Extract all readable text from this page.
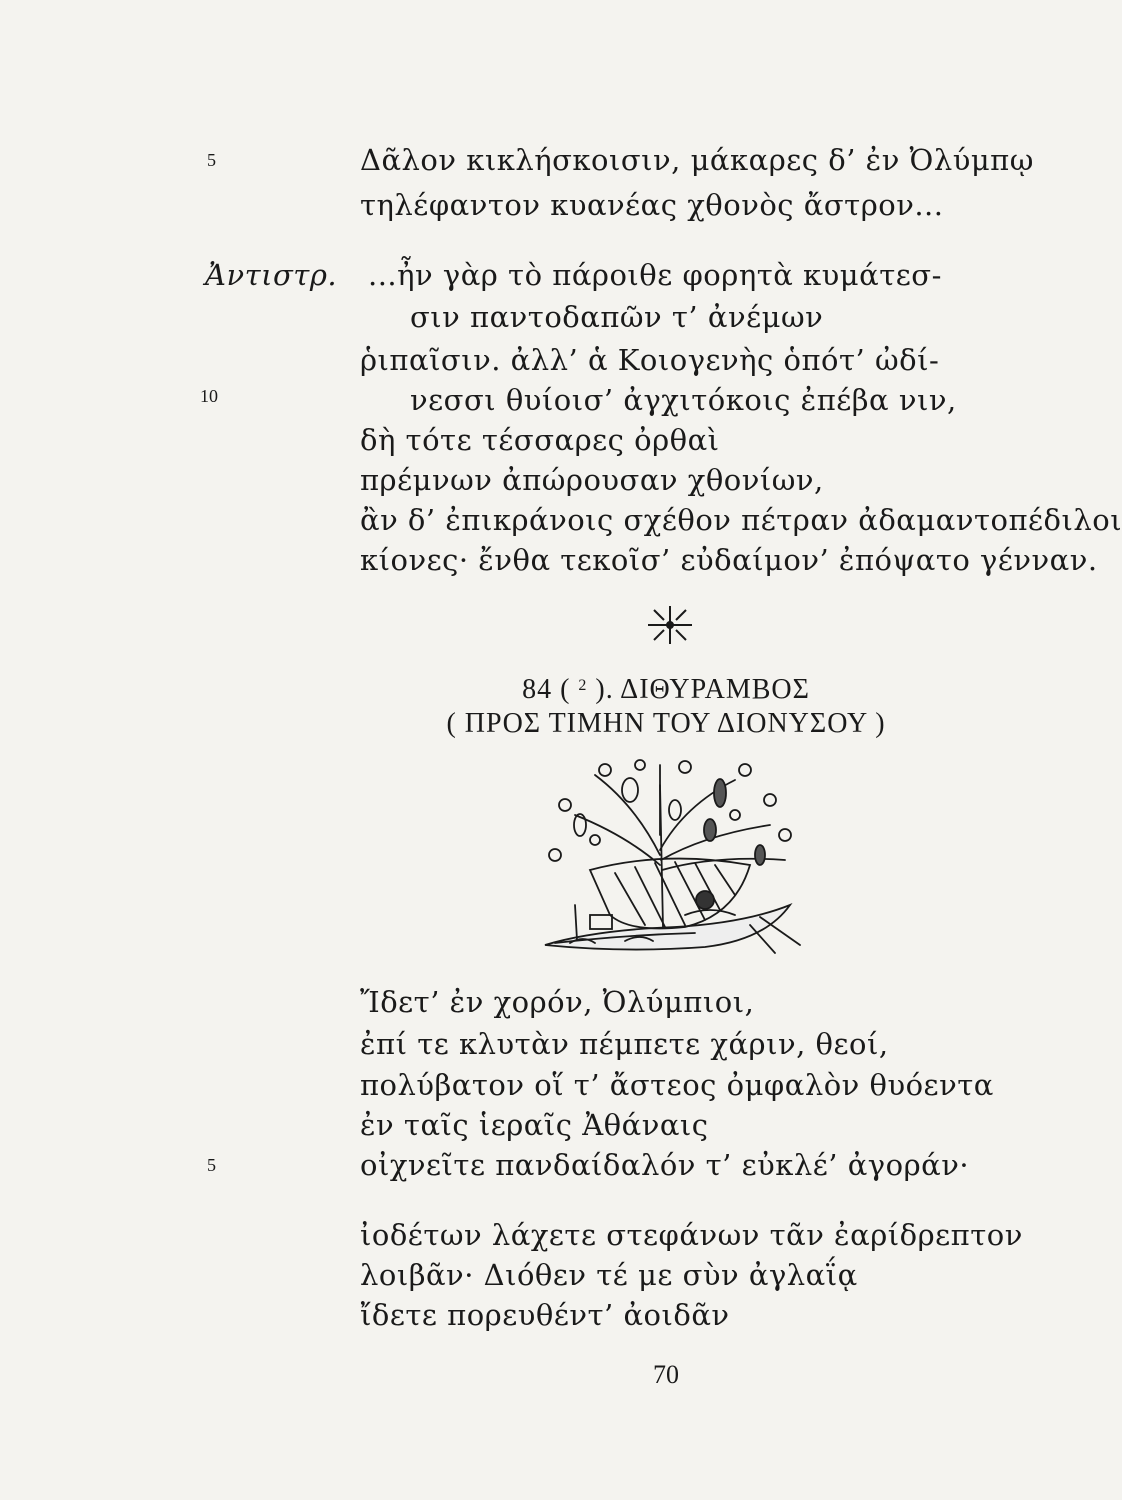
5	Δᾶλον κικλήσκοισιν, μάκαρες δ’ ἐν Ὀλύμπῳ
τηλέφαντον κυανέας χθονὸς ἄστρον...
Ἀντιστρ. ...ἦν γὰρ τὸ πάροιθε φορητὰ κυμάτεσ-
σιν παντοδαπῶν τ’ ἀνέμων
ῥιπαῖσιν. ἀλλ’ ἁ Κοιογενὴς ὁπότ’ ὠδί-
10	νεσσι θυίοισ’ ἀγχιτόκοις ἐπέβα νιν,
δὴ τότε τέσσαρες ὀρθαὶ
πρέμνων ἀπώρουσαν χθονίων,
ἂν δ’ ἐπικράνοις σχέθον πέτραν ἀδαμαντοπέδιλοι
κίονες· ἔνθα τεκοῖσ’ εὐδαίμον’ ἐπόψατο γένναν.
84 ( $^2$ ). ΔΙΘΥΡΑΜΒΟΣ
( ΠΡΟΣ ΤΙΜΗΝ ΤΟΥ ΔΙΟΝΥΣΟΥ )
Ἴδετ’ ἐν χορόν, Ὀλύμπιοι,
ἐπί τε κλυτὰν πέμπετε χάριν, θεοί,
πολύβατον οἵ τ’ ἄστεος ὀμφαλὸν θυόεντα
ἐν ταῖς ἱεραῖς Ἀθάναις
5	οἰχνεῖτε πανδαίδαλόν τ’ εὐκλέ’ ἀγοράν·
ἰοδέτων λάχετε στεφάνων τᾶν ἐαρίδρεπτον
λοιβᾶν· Διόθεν τέ με σὺν ἀγλαΐᾳ
ἴδετε πορευθέντ’ ἀοιδᾶν
70
